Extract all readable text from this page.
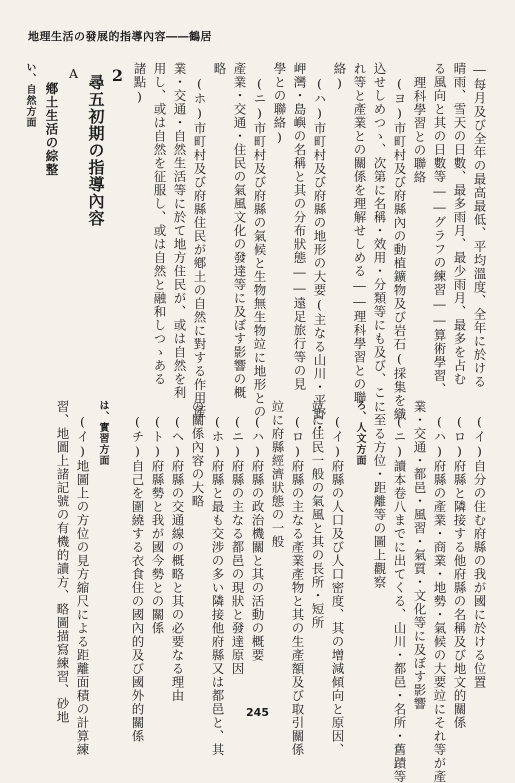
地理生活の發展的指導內容――鶴居

―每月及び全年の最高最低、平均溫度、全年に於ける

晴雨、雪天の日數、最多雨月、最少雨月、最多を占む

る風向と其の日數等――グラフの練習――算術學習、

理科學習との聯絡

(ヨ)市町村及び府縣內の動植鑛物及び岩石(採集を織

込せしめつゝ、次第に名稱・效用・分類等にも及び、こ

れ等と產業との關係を理解せしめる――理科學習との聯

絡)

(ハ)市町村及び府縣の地形の大要(主なる山川・平野・

岬灣・島嶼の名稱と其の分布狀態――遠足旅行等の見

學との聯絡)

(ニ)市町村及び府縣の氣候と生物無生物竝に地形との

產業・交通・住民の氣風文化の發達等に及ぼす影響の概

略

(ホ)市町村及び府縣住民が鄕土の自然に對する作用產

業・交通・自然生活等に於て地方住民が、或は自然を利

用し、或は自然を征服し、或は自然と融和しつゝある

諸點)

2

尋五初期の指導內容

A

鄕土生活の綜整

い、自然方面

(イ)自分の住む府縣の我が國に於ける位置

(ロ)府縣と隣接する他府縣の名稱及び地文的關係

(ハ)府縣の產業・商業・地勢・氣候の大要竝にそれ等が產

業・交通・都邑・風習・氣質・文化等に及ぼす影響

(ニ)讀本卷八までに出てくる、山川・都邑・名所・舊蹟等

に至る方位・距離等の圖上觀察

ろ、人文方面

(イ)府縣の人口及び人口密度、其の增減傾向と原因、

竝に住民一般の氣風と其の長所・短所

(ロ)府縣の主なる產業產物と其の生產額及び取引關係

竝に府縣經濟狀態の一般

(ハ)府縣の政治機關と其の活動の概要

(ニ)府縣の主なる都邑の現狀と發達原因

(ホ)府縣と最も交涉の多い隣接他府縣又は都邑と、其

の關係內容の大略

(ヘ)府縣の交通線の概略と其の必要なる理由

(ト)府縣勢と我が國今勢との關係

(チ)自己を圍繞する衣食住の國內的及び國外的關係

は、實習方面

(イ)地圖上の方位の見方縮尺による距離面積の計算練

習、地圖上諸記號の有機的讀方、略圖描寫練習、砂地	245
